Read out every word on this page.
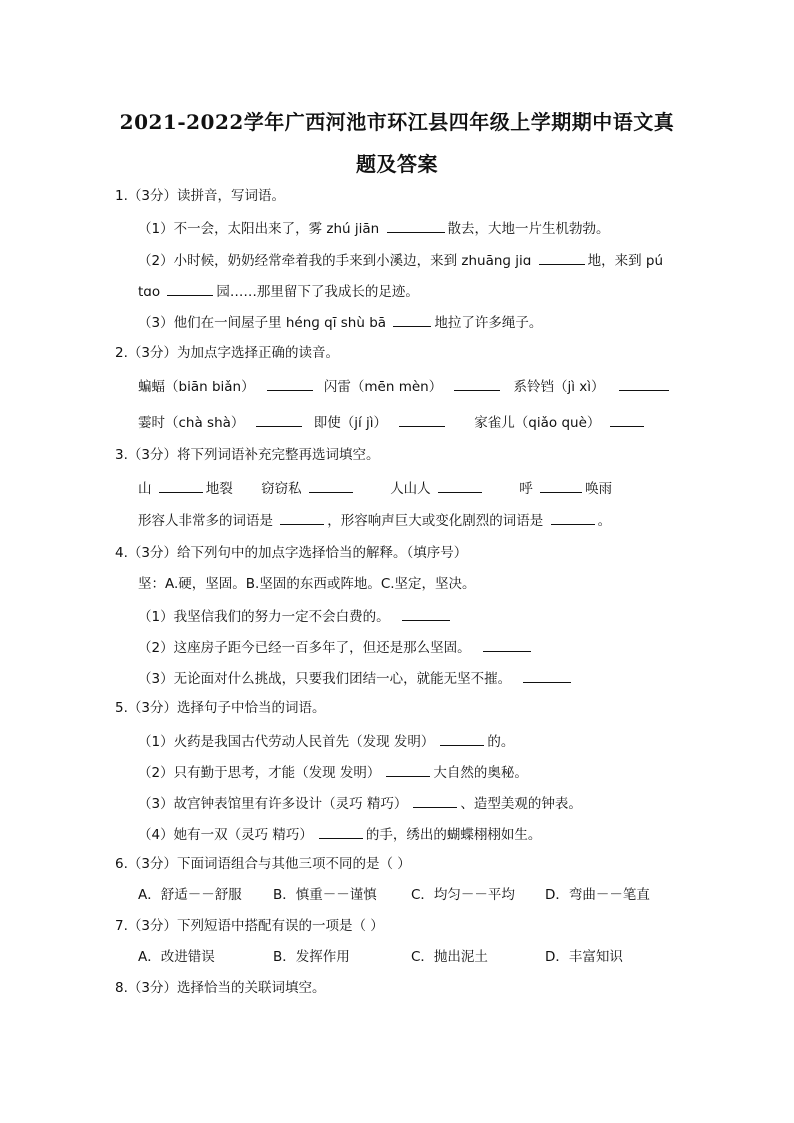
2021-2022学年广西河池市环江县四年级上学期期中语文真
题及答案
1.（3分）读拼音，写词语。
（1）不一会，太阳出来了，雾 zhú jiān	散去，大地一片生机勃勃。
（2）小时候，奶奶经常牵着我的手来到小溪边，来到 zhuānɡ jiɑ	地，来到 pú
tɑo	园……那里留下了我成长的足迹。
（3）他们在一间屋子里 hénɡ qī shù bā	地拉了许多绳子。
2.（3分）为加点字选择正确的读音。
蝙蝠（biān biǎn）	闪雷（mēn mèn）	系铃铛（jì xì）
霎时（chà shà）	即使（jí jì）	家雀儿（qiǎo què）
3.（3分）将下列词语补充完整再选词填空。
山	地裂 窃窃私	人山人	呼	唤雨
形容人非常多的词语是	，形容响声巨大或变化剧烈的词语是	。
4.（3分）给下列句中的加点字选择恰当的解释。（填序号）
坚：A.硬，坚固。B.坚固的东西或阵地。C.坚定，坚决。
（1）我坚信我们的努力一定不会白费的。
（2）这座房子距今已经一百多年了，但还是那么坚固。
（3）无论面对什么挑战，只要我们团结一心，就能无坚不摧。
5.（3分）选择句子中恰当的词语。
（1）火药是我国古代劳动人民首先（发现 发明）	的。
（2）只有勤于思考，才能（发现 发明）	大自然的奥秘。
（3）故宫钟表馆里有许多设计（灵巧 精巧）	、造型美观的钟表。
（4）她有一双（灵巧 精巧）	的手，绣出的蝴蝶栩栩如生。
6.（3分）下面词语组合与其他三项不同的是（ ）
A．舒适－－舒服 B．慎重－－谨慎	C．均匀－－平均 D．弯曲－－笔直
7.（3分）下列短语中搭配有误的一项是（ ）
A．改进错误	B．发挥作用	C．抛出泥土	D．丰富知识
8.（3分）选择恰当的关联词填空。
